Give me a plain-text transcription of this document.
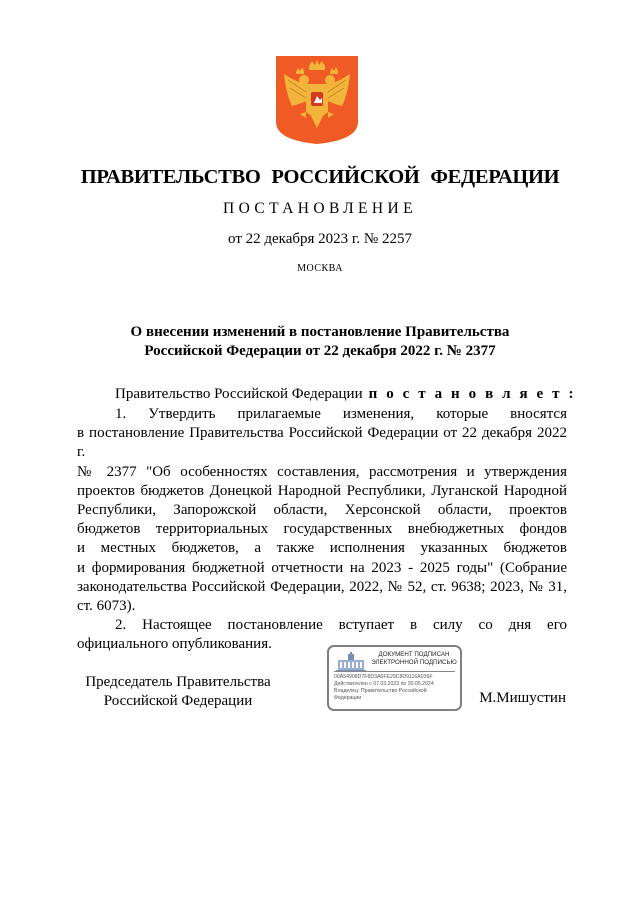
ПРАВИТЕЛЬСТВО РОССИЙСКОЙ ФЕДЕРАЦИИ
ПОСТАНОВЛЕНИЕ
от 22 декабря 2023 г. № 2257
МОСКВА
О внесении изменений в постановление Правительства
Российской Федерации от 22 декабря 2022 г. № 2377
Правительство Российской Федерации п о с т а н о в л я е т :
1. Утвердить прилагаемые изменения, которые вносятся
в постановление Правительства Российской Федерации от 22 декабря 2022 г.
№ 2377 "Об особенностях составления, рассмотрения и утверждения
проектов бюджетов Донецкой Народной Республики, Луганской Народной
Республики, Запорожской области, Херсонской области, проектов
бюджетов территориальных государственных внебюджетных фондов
и местных бюджетов, а также исполнения указанных бюджетов
и формирования бюджетной отчетности на 2023 - 2025 годы" (Собрание
законодательства Российской Федерации, 2022, № 52, ст. 9638; 2023, № 31,
ст. 6073).
2. Настоящее постановление вступает в силу со дня его
официального опубликования.
Председатель Правительства
Российской Федерации
ДОКУМЕНТ ПОДПИСАН
ЭЛЕКТРОННОЙ ПОДПИСЬЮ
00A54908D7F8D3A6FE29C8D9116A039F
Действителен с 07.03.2023 по 30.05.2024
Владелец: Правительство Российской
Федерации	М.Мишустин
